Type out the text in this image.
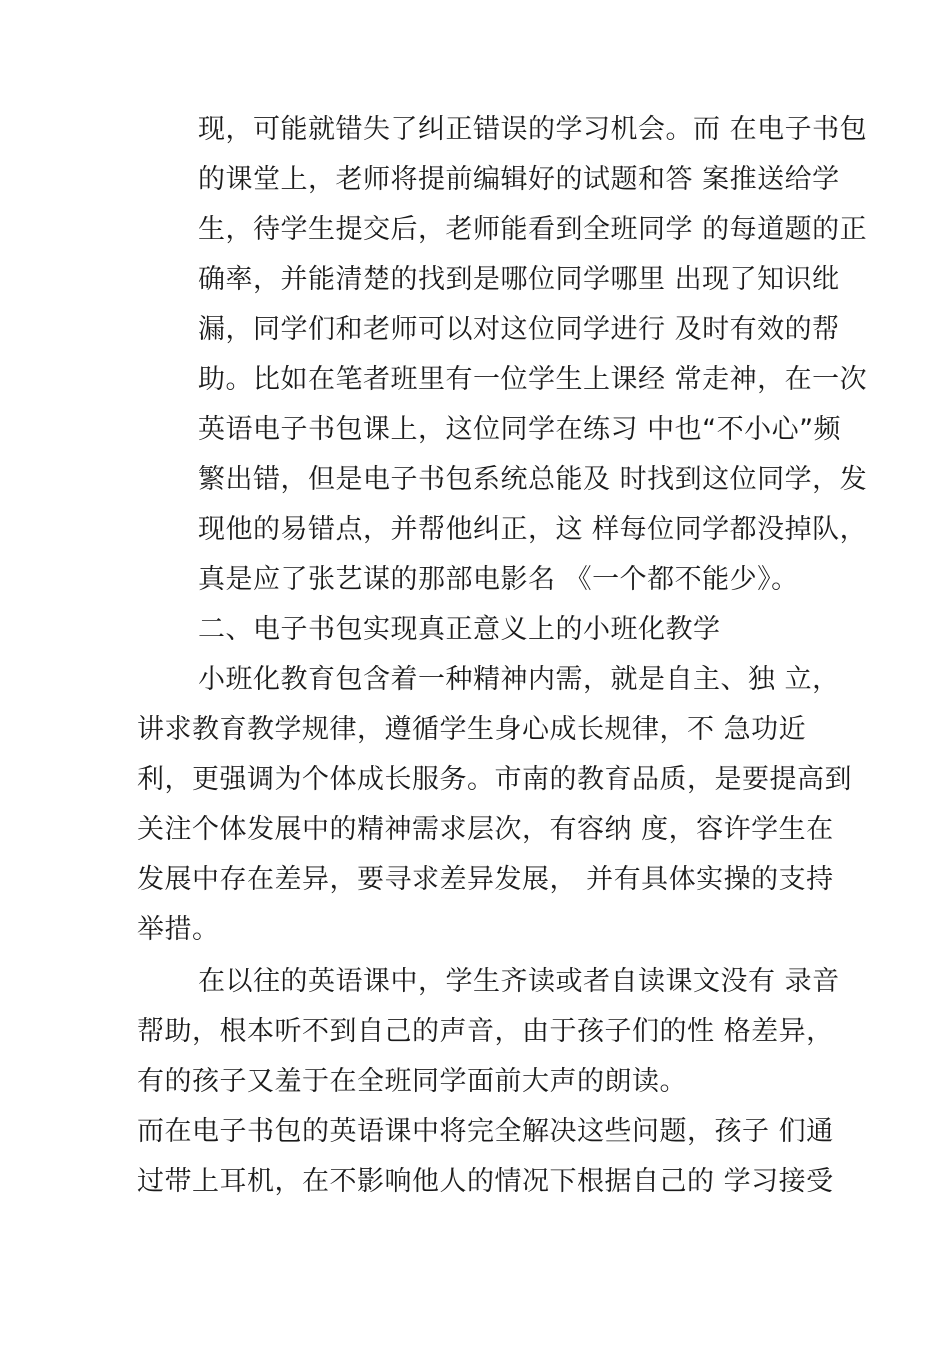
现，可能就错失了纠正错误的学习机会。而 在电子书包
的课堂上，老师将提前编辑好的试题和答 案推送给学
生，待学生提交后，老师能看到全班同学 的每道题的正
确率，并能清楚的找到是哪位同学哪里 出现了知识纰
漏，同学们和老师可以对这位同学进行 及时有效的帮
助。比如在笔者班里有一位学生上课经 常走神，在一次
英语电子书包课上，这位同学在练习 中也“不小心”频
繁出错，但是电子书包系统总能及 时找到这位同学，发
现他的易错点，并帮他纠正，这 样每位同学都没掉队，
真是应了张艺谋的那部电影名 《一个都不能少》。
二、电子书包实现真正意义上的小班化教学
小班化教育包含着一种精神内需，就是自主、独 立，
讲求教育教学规律，遵循学生身心成长规律，不 急功近
利，更强调为个体成长服务。市南的教育品质，是要提高到
关注个体发展中的精神需求层次，有容纳 度，容许学生在
发展中存在差异，要寻求差异发展， 并有具体实操的支持
举措。
在以往的英语课中，学生齐读或者自读课文没有 录音
帮助，根本听不到自己的声音，由于孩子们的性 格差异，
有的孩子又羞于在全班同学面前大声的朗读。
而在电子书包的英语课中将完全解决这些问题，孩子 们通
过带上耳机，在不影响他人的情况下根据自己的 学习接受
